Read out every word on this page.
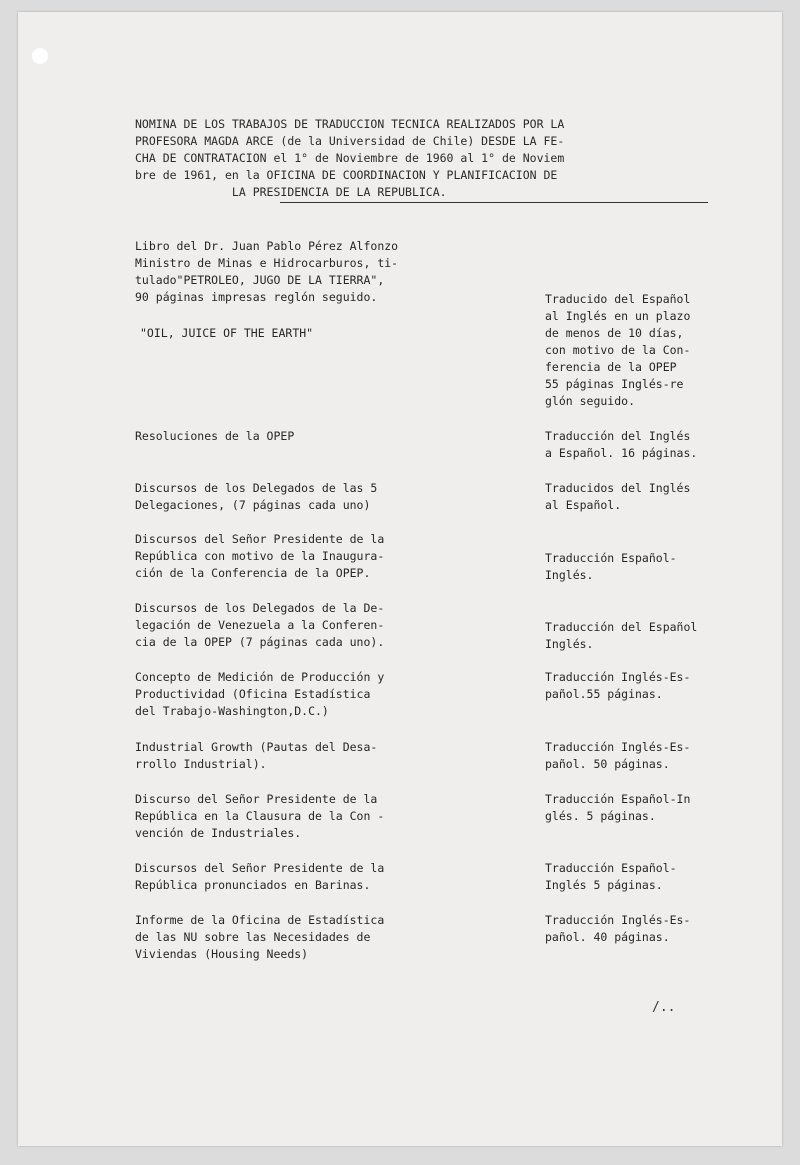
NOMINA DE LOS TRABAJOS DE TRADUCCION TECNICA REALIZADOS POR LA
PROFESORA MAGDA ARCE (de la Universidad de Chile) DESDE LA FE-
CHA DE CONTRATACION el 1° de Noviembre de 1960 al 1° de Noviem
bre de 1961, en la OFICINA DE COORDINACION Y PLANIFICACION DE
LA PRESIDENCIA DE LA REPUBLICA.
Libro del Dr. Juan Pablo Pérez Alfonzo
Ministro de Minas e Hidrocarburos, ti-
tulado"PETROLEO, JUGO DE LA TIERRA",
90 páginas impresas reglón seguido.
"OIL, JUICE OF THE EARTH"
Traducido del Español
al Inglés en un plazo
de menos de 10 días,
con motivo de la Con-
ferencia de la OPEP
55 páginas Inglés-re
glón seguido.
Resoluciones de la OPEP	Traducción del Inglés
a Español. 16 páginas.
Discursos de los Delegados de las 5
Delegaciones, (7 páginas cada uno)
Traducidos del Inglés
al Español.
Discursos del Señor Presidente de la
República con motivo de la Inaugura-
ción de la Conferencia de la OPEP.
Traducción Español-
Inglés.
Discursos de los Delegados de la De-
legación de Venezuela a la Conferen-
cia de la OPEP (7 páginas cada uno).
Traducción del Español
Inglés.
Concepto de Medición de Producción y
Productividad (Oficina Estadística
del Trabajo-Washington,D.C.)
Traducción Inglés-Es-
pañol.55 páginas.
Industrial Growth (Pautas del Desa-
rrollo Industrial).
Traducción Inglés-Es-
pañol. 50 páginas.
Discurso del Señor Presidente de la
República en la Clausura de la Con -
vención de Industriales.
Traducción Español-In
glés. 5 páginas.
Discursos del Señor Presidente de la
República pronunciados en Barinas.
Traducción Español-
Inglés 5 páginas.
Informe de la Oficina de Estadística
de las NU sobre las Necesidades de
Viviendas (Housing Needs)
Traducción Inglés-Es-
pañol. 40 páginas.
/..
